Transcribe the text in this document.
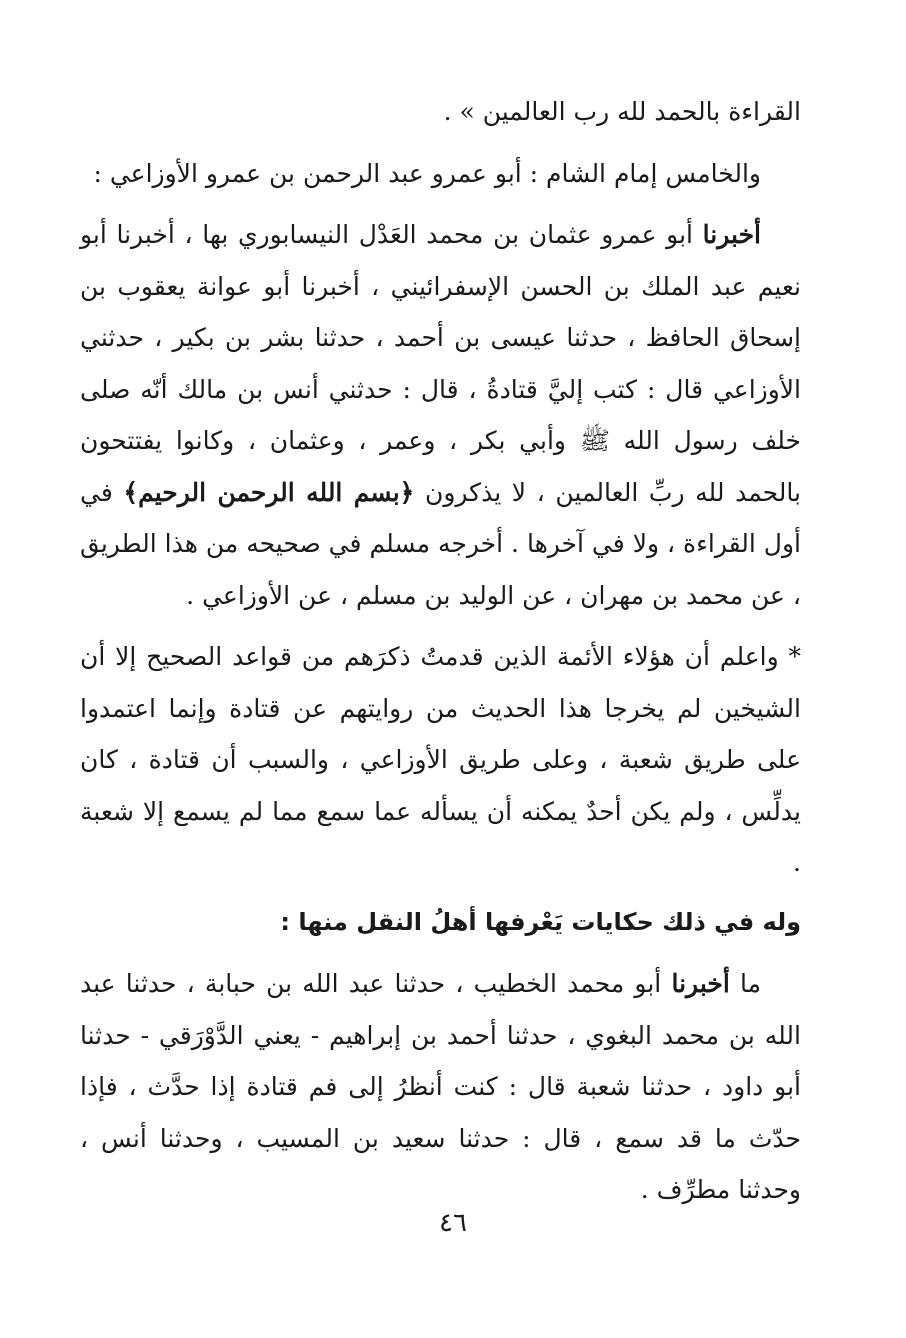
القراءة بالحمد لله رب العالمين » .

والخامس إمام الشام : أبو عمرو عبد الرحمن بن عمرو الأوزاعي :

أخبرنا أبو عمرو عثمان بن محمد العَدْل النيسابوري بها ، أخبرنا أبو نعيم عبد الملك بن الحسن الإسفرائيني ، أخبرنا أبو عوانة يعقوب بن إسحاق الحافظ ، حدثنا عيسى بن أحمد ، حدثنا بشر بن بكير ، حدثني الأوزاعي قال : كتب إليَّ قتادةُ ، قال : حدثني أنس بن مالك أنّه صلى خلف رسول الله ﷺ وأبي بكر ، وعمر ، وعثمان ، وكانوا يفتتحون بالحمد لله ربِّ العالمين ، لا يذكرون ﴿بسم الله الرحمن الرحيم﴾ في أول القراءة ، ولا في آخرها . أخرجه مسلم في صحيحه من هذا الطريق ، عن محمد بن مهران ، عن الوليد بن مسلم ، عن الأوزاعي .

* واعلم أن هؤلاء الأئمة الذين قدمتُ ذكرَهم من قواعد الصحيح إلا أن الشيخين لم يخرجا هذا الحديث من روايتهم عن قتادة وإنما اعتمدوا على طريق شعبة ، وعلى طريق الأوزاعي ، والسبب أن قتادة ، كان يدلِّس ، ولم يكن أحدٌ يمكنه أن يسأله عما سمع مما لم يسمع إلا شعبة .

وله في ذلك حكايات يَعْرفها أهلُ النقل منها :

ما أخبرنا أبو محمد الخطيب ، حدثنا عبد الله بن حبابة ، حدثنا عبد الله بن محمد البغوي ، حدثنا أحمد بن إبراهيم - يعني الدَّوْرَقي - حدثنا أبو داود ، حدثنا شعبة قال : كنت أنظرُ إلى فم قتادة إذا حدَّث ، فإذا حدّث ما قد سمع ، قال : حدثنا سعيد بن المسيب ، وحدثنا أنس ، وحدثنا مطرِّف .

٤٦
